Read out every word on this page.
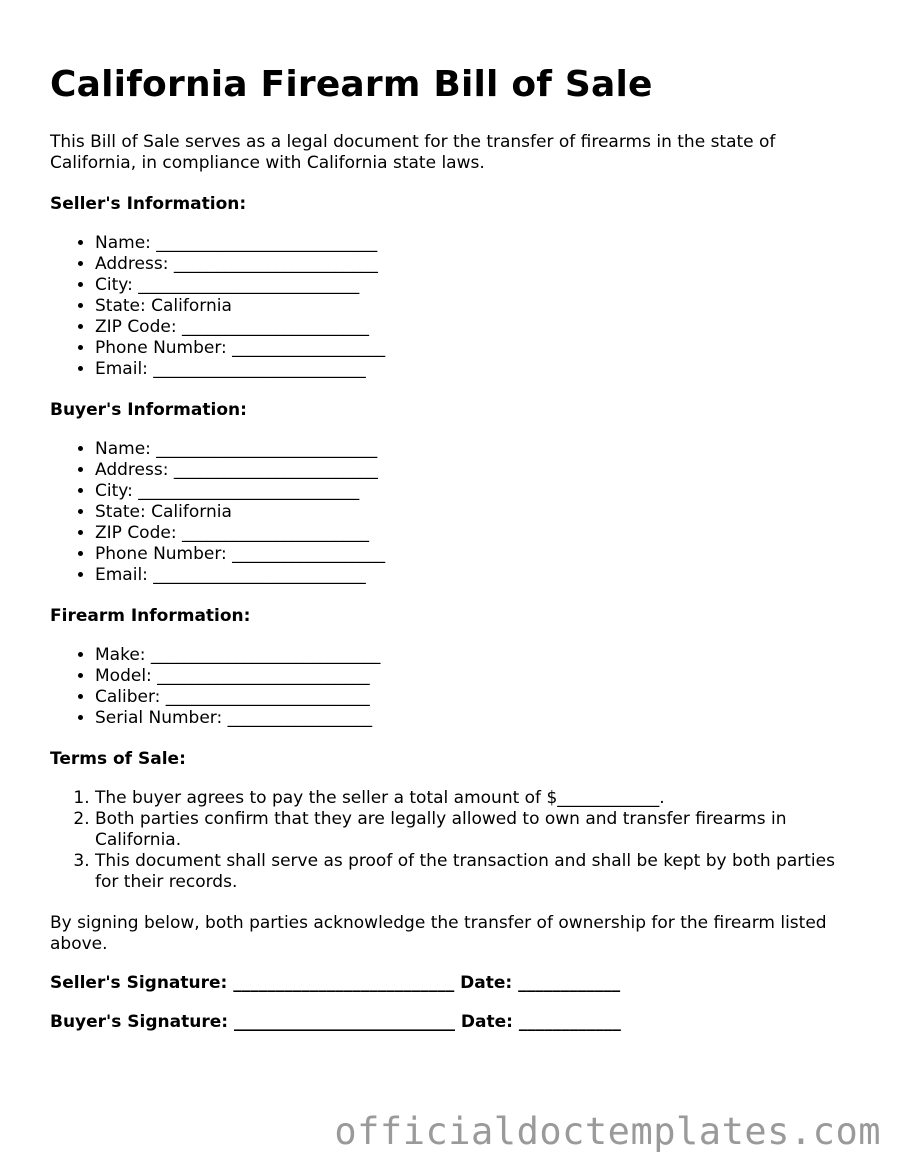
California Firearm Bill of Sale

This Bill of Sale serves as a legal document for the transfer of firearms in the state of California, in compliance with California state laws.

Seller's Information:
• Name: __________________________
• Address: ________________________
• City: __________________________
• State: California
• ZIP Code: ______________________
• Phone Number: __________________
• Email: _________________________
Buyer's Information:
• Name: __________________________
• Address: ________________________
• City: __________________________
• State: California
• ZIP Code: ______________________
• Phone Number: __________________
• Email: _________________________
Firearm Information:
• Make: ___________________________
• Model: _________________________
• Caliber: ________________________
• Serial Number: _________________
Terms of Sale:
1. The buyer agrees to pay the seller a total amount of $____________.
2. Both parties confirm that they are legally allowed to own and transfer firearms in California.
3. This document shall serve as proof of the transaction and shall be kept by both parties for their records.

By signing below, both parties acknowledge the transfer of ownership for the firearm listed above.

Seller's Signature: __________________________ Date: ____________
Buyer's Signature: __________________________ Date: ____________
officialdoctemplates.com
